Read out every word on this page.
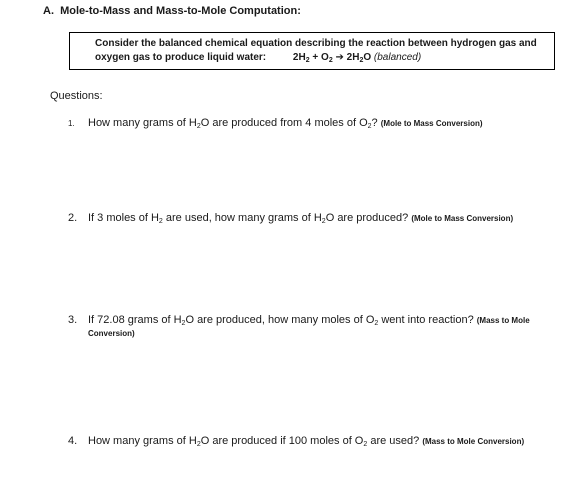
A.  Mole-to-Mass and Mass-to-Mole Computation:
Consider the balanced chemical equation describing the reaction between hydrogen gas and
oxygen gas to produce liquid water:	$2H_2 + O_2$ ➔ $2H_2O$ (balanced)
Questions:
1. How many grams of $H_2O$ are produced from 4 moles of $O_2$? (Mole to Mass Conversion)
2. If 3 moles of $H_2$ are used, how many grams of $H_2O$ are produced? (Mole to Mass Conversion)
3. If 72.08 grams of $H_2O$ are produced, how many moles of $O_2$ went into reaction? (Mass to Mole
Conversion)
4. How many grams of $H_2O$ are produced if 100 moles of $O_2$ are used? (Mass to Mole Conversion)
